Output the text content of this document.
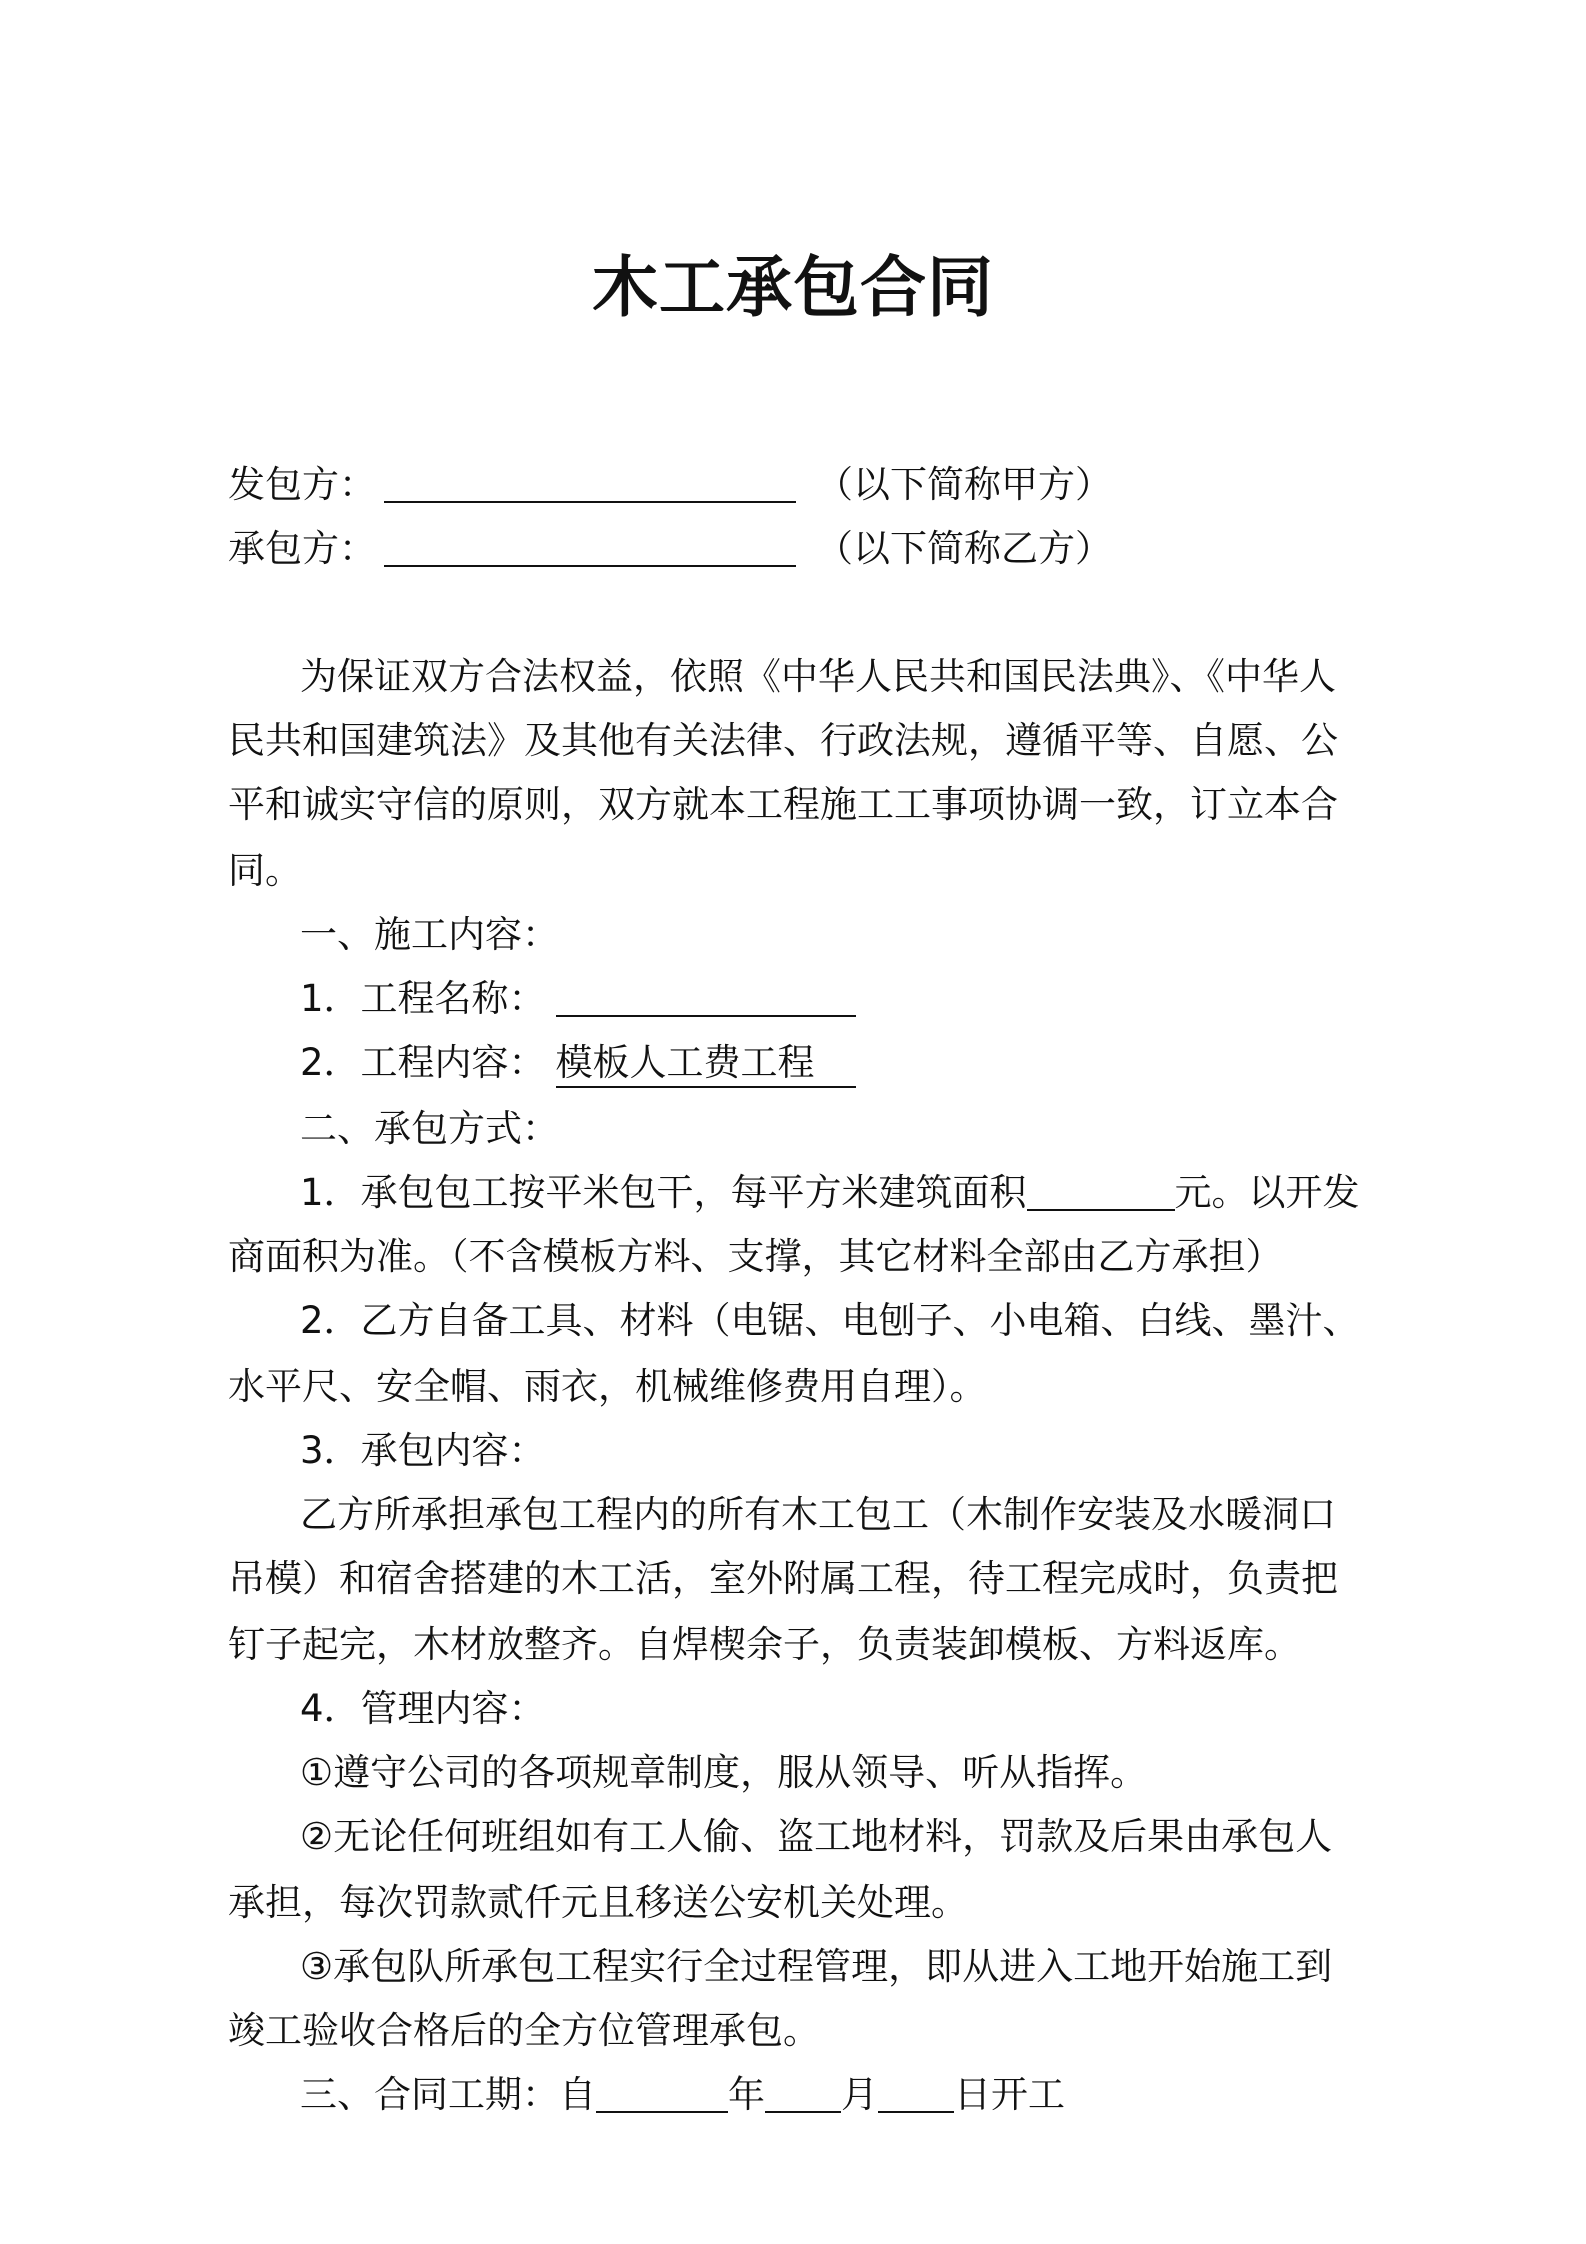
木工承包合同
发包方：	（以下简称甲方）
承包方：	（以下简称乙方）
为保证双方合法权益，依照《中华人民共和国民法典》、《中华人
民共和国建筑法》及其他有关法律、行政法规，遵循平等、自愿、公
平和诚实守信的原则，双方就本工程施工工事项协调一致，订立本合
同。
一、施工内容：
1．工程名称：
2．工程内容： 模板人工费工程
二、承包方式：
1．承包包工按平米包干，每平方米建筑面积	元。以开发
商面积为准。（不含模板方料、支撑，其它材料全部由乙方承担）
2．乙方自备工具、材料（电锯、电刨子、小电箱、白线、墨汁、
水平尺、安全帽、雨衣，机械维修费用自理）。
3．承包内容：
乙方所承担承包工程内的所有木工包工（木制作安装及水暖洞口
吊模）和宿舍搭建的木工活，室外附属工程，待工程完成时，负责把
钉子起完，木材放整齐。自焊楔余子，负责装卸模板、方料返库。
4．管理内容：
①遵守公司的各项规章制度，服从领导、听从指挥。
②无论任何班组如有工人偷、盗工地材料，罚款及后果由承包人
承担，每次罚款贰仟元且移送公安机关处理。
③承包队所承包工程实行全过程管理，即从进入工地开始施工到
竣工验收合格后的全方位管理承包。
三、合同工期：自	年 月 日开工
